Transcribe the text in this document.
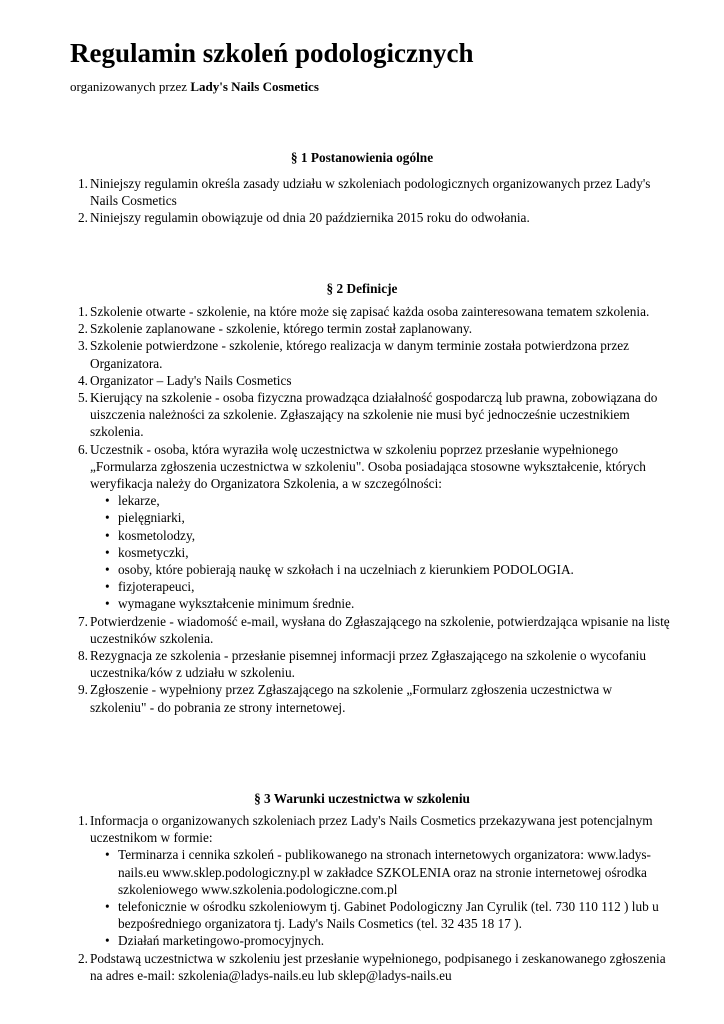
Regulamin szkoleń podologicznych
organizowanych przez Lady's Nails Cosmetics
§ 1 Postanowienia ogólne
1. Niniejszy regulamin określa zasady udziału w szkoleniach podologicznych organizowanych przez Lady's Nails Cosmetics
2. Niniejszy regulamin obowiązuje od dnia 20 października 2015 roku do odwołania.
§ 2 Definicje
1. Szkolenie otwarte - szkolenie, na które może się zapisać każda osoba zainteresowana tematem szkolenia.
2. Szkolenie zaplanowane - szkolenie, którego termin został zaplanowany.
3. Szkolenie potwierdzone - szkolenie, którego realizacja w danym terminie została potwierdzona przez Organizatora.
4. Organizator – Lady's Nails Cosmetics
5. Kierujący na szkolenie - osoba fizyczna prowadząca działalność gospodarczą lub prawna, zobowiązana do uiszczenia należności za szkolenie. Zgłaszający na szkolenie nie musi być jednocześnie uczestnikiem szkolenia.
6. Uczestnik - osoba, która wyraziła wolę uczestnictwa w szkoleniu poprzez przesłanie wypełnionego „Formularza zgłoszenia uczestnictwa w szkoleniu". Osoba posiadająca stosowne wykształcenie, których weryfikacja należy do Organizatora Szkolenia, a w szczególności:
• lekarze,
• pielęgniarki,
• kosmetolodzy,
• kosmetyczki,
• osoby, które pobierają naukę w szkołach i na uczelniach z kierunkiem PODOLOGIA.
• fizjoterapeuci,
• wymagane wykształcenie minimum średnie.
7. Potwierdzenie - wiadomość e-mail, wysłana do Zgłaszającego na szkolenie, potwierdzająca wpisanie na listę uczestników szkolenia.
8. Rezygnacja ze szkolenia - przesłanie pisemnej informacji przez Zgłaszającego na szkolenie o wycofaniu uczestnika/ków z udziału w szkoleniu.
9. Zgłoszenie - wypełniony przez Zgłaszającego na szkolenie „Formularz zgłoszenia uczestnictwa w szkoleniu" - do pobrania ze strony internetowej.
§ 3 Warunki uczestnictwa w szkoleniu
1. Informacja o organizowanych szkoleniach przez Lady's Nails Cosmetics przekazywana jest potencjalnym uczestnikom w formie:
• Terminarza i cennika szkoleń - publikowanego na stronach internetowych organizatora: www.ladys-nails.eu www.sklep.podologiczny.pl w zakładce SZKOLENIA oraz na stronie internetowej ośrodka szkoleniowego www.szkolenia.podologiczne.com.pl
• telefonicznie w ośrodku szkoleniowym tj. Gabinet Podologiczny Jan Cyrulik (tel. 730 110 112 ) lub u bezpośredniego organizatora tj. Lady's Nails Cosmetics (tel. 32 435 18 17 ).
• Działań marketingowo-promocyjnych.
2. Podstawą uczestnictwa w szkoleniu jest przesłanie wypełnionego, podpisanego i zeskanowanego zgłoszenia na adres e-mail: szkolenia@ladys-nails.eu lub sklep@ladys-nails.eu
